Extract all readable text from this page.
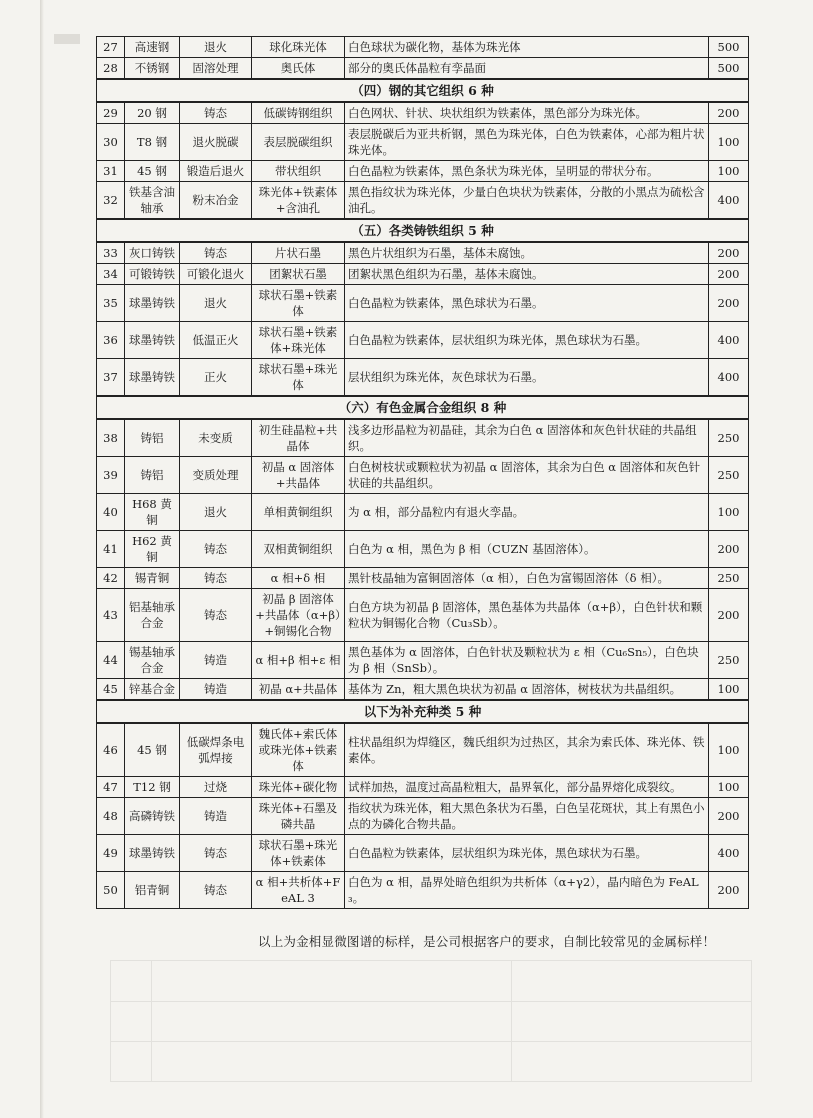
27	高速钢	退火	球化珠光体	白色球状为碳化物，基体为珠光体	500
28	不锈钢	固溶处理	奥氏体	部分的奥氏体晶粒有孪晶面	500
（四）钢的其它组织 6 种					
29	20 钢	铸态	低碳铸钢组织	白色网状、针状、块状组织为铁素体，黑色部分为珠光体。	200
30	T8 钢	退火脱碳	表层脱碳组织	表层脱碳后为亚共析钢，黑色为珠光体，白色为铁素体，心部为粗片状珠光体。	100
31	45 钢	锻造后退火	带状组织	白色晶粒为铁素体，黑色条状为珠光体，呈明显的带状分布。	100
32	铁基含油轴承	粉末冶金	珠光体+铁素体+含油孔	黑色指纹状为珠光体，少量白色块状为铁素体，分散的小黑点为硫松含油孔。	400
（五）各类铸铁组织 5 种					
33	灰口铸铁	铸态	片状石墨	黑色片状组织为石墨，基体未腐蚀。	200
34	可锻铸铁	可锻化退火	团絮状石墨	团絮状黑色组织为石墨，基体未腐蚀。	200
35	球墨铸铁	退火	球状石墨+铁素体	白色晶粒为铁素体，黑色球状为石墨。	200
36	球墨铸铁	低温正火	球状石墨+铁素体+珠光体	白色晶粒为铁素体，层状组织为珠光体，黑色球状为石墨。	400
37	球墨铸铁	正火	球状石墨+珠光体	层状组织为珠光体，灰色球状为石墨。	400
（六）有色金属合金组织 8 种					
38	铸铝	未变质	初生硅晶粒+共晶体	浅多边形晶粒为初晶硅，其余为白色 α 固溶体和灰色针状硅的共晶组织。	250
39	铸铝	变质处理	初晶 α 固溶体+共晶体	白色树枝状或颗粒状为初晶 α 固溶体，其余为白色 α 固溶体和灰色针状硅的共晶组织。	250
40	H68 黄铜	退火	单相黄铜组织	为 α 相，部分晶粒内有退火孪晶。	100
41	H62 黄铜	铸态	双相黄铜组织	白色为 α 相，黑色为 β 相（CUZN 基固溶体）。	200
42	锡青铜	铸态	α 相+δ 相	黑针枝晶轴为富铜固溶体（α 相），白色为富锡固溶体（δ 相）。	250
43	铝基轴承合金	铸态	初晶 β 固溶体+共晶体（α+β）+铜锡化合物	白色方块为初晶 β 固溶体，黑色基体为共晶体（α+β），白色针状和颗粒状为铜锡化合物（Cu₃Sb）。	200
44	锡基轴承合金	铸造	α 相+β 相+ε 相	黑色基体为 α 固溶体，白色针状及颗粒状为 ε 相（Cu₆Sn₅），白色块为 β 相（SnSb）。	250
45	锌基合金	铸造	初晶 α+共晶体	基体为 Zn，粗大黑色块状为初晶 α 固溶体，树枝状为共晶组织。	100
以下为补充种类 5 种					
46	45 钢	低碳焊条电弧焊接	魏氏体+索氏体或珠光体+铁素体	柱状晶组织为焊缝区，魏氏组织为过热区，其余为索氏体、珠光体、铁素体。	100
47	T12 钢	过烧	珠光体+碳化物	试样加热，温度过高晶粒粗大，晶界氧化，部分晶界熔化成裂纹。	100
48	高磷铸铁	铸造	珠光体+石墨及磷共晶	指纹状为珠光体，粗大黑色条状为石墨，白色呈花斑状，其上有黑色小点的为磷化合物共晶。	200
49	球墨铸铁	铸态	球状石墨+珠光体+铁素体	白色晶粒为铁素体，层状组织为珠光体，黑色球状为石墨。	400
50	铝青铜	铸态	α 相+共析体+FeAL 3	白色为 α 相，晶界处暗色组织为共析体（α+γ2），晶内暗色为 FeAL₃。	200
以上为金相显微图谱的标样，是公司根据客户的要求，自制比较常见的金属标样！
